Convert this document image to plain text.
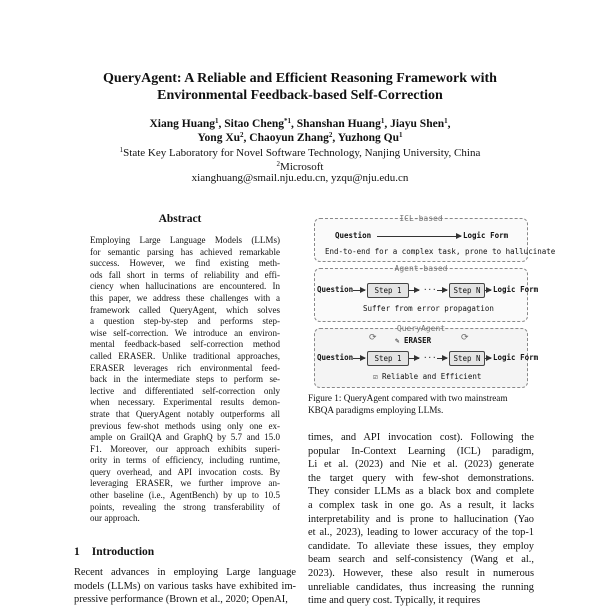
QueryAgent: A Reliable and Efficient Reasoning Framework with
Environmental Feedback-based Self-Correction
Xiang Huang$^1$, Sitao Cheng$^{*1}$, Shanshan Huang$^1$, Jiayu Shen$^1$,
Yong Xu$^2$, Chaoyun Zhang$^2$, Yuzhong Qu$^1$
$^1$State Key Laboratory for Novel Software Technology, Nanjing University, China
$^2$Microsoft
xianghuang@smail.nju.edu.cn, yzqu@nju.edu.cn
Abstract
Employing Large Language Models (LLMs)
for semantic parsing has achieved remarkable
success. However, we find existing meth-
ods fall short in terms of reliability and effi-
ciency when hallucinations are encountered. In
this paper, we address these challenges with a
framework called QueryAgent, which solves
a question step-by-step and performs step-
wise self-correction. We introduce an environ-
mental feedback-based self-correction method
called ERASER. Unlike traditional approaches,
ERASER leverages rich environmental feed-
back in the intermediate steps to perform se-
lective and differentiated self-correction only
when necessary. Experimental results demon-
strate that QueryAgent notably outperforms all
previous few-shot methods using only one ex-
ample on GrailQA and GraphQ by 5.7 and 15.0
F1. Moreover, our approach exhibits superi-
ority in terms of efficiency, including runtime,
query overhead, and API invocation costs. By
leveraging ERASER, we further improve an-
other baseline (i.e., AgentBench) by up to 10.5
points, revealing the strong transferability of
our approach.
1 Introduction
Recent advances in employing Large language
models (LLMs) on various tasks have exhibited im-
pressive performance (Brown et al., 2020; OpenAI,
ICL-based
Question	Logic Form
End-to-end for a complex task, prone to hallucinate
Agent-based
Question	Step 1	...	Step N	Logic Form
Suffer from error propagation
QueryAgent
⟳ ✎ ERASER	⟳
Question	Step 1	...	Step N	Logic Form
☑ Reliable and Efficient
Figure 1: QueryAgent compared with two mainstream
KBQA paradigms employing LLMs.
times, and API invocation cost). Following the
popular In-Context Learning (ICL) paradigm,
Li et al. (2023) and Nie et al. (2023) generate
the target query with few-shot demonstrations.
They consider LLMs as a black box and complete
a complex task in one go. As a result, it lacks
interpretability and is prone to hallucination (Yao
et al., 2023), leading to lower accuracy of the top-1
candidate. To alleviate these issues, they employ
beam search and self-consistency (Wang et al.,
2023). However, these also result in numerous
unreliable candidates, thus increasing the running
time and query cost. Typically, it requires
